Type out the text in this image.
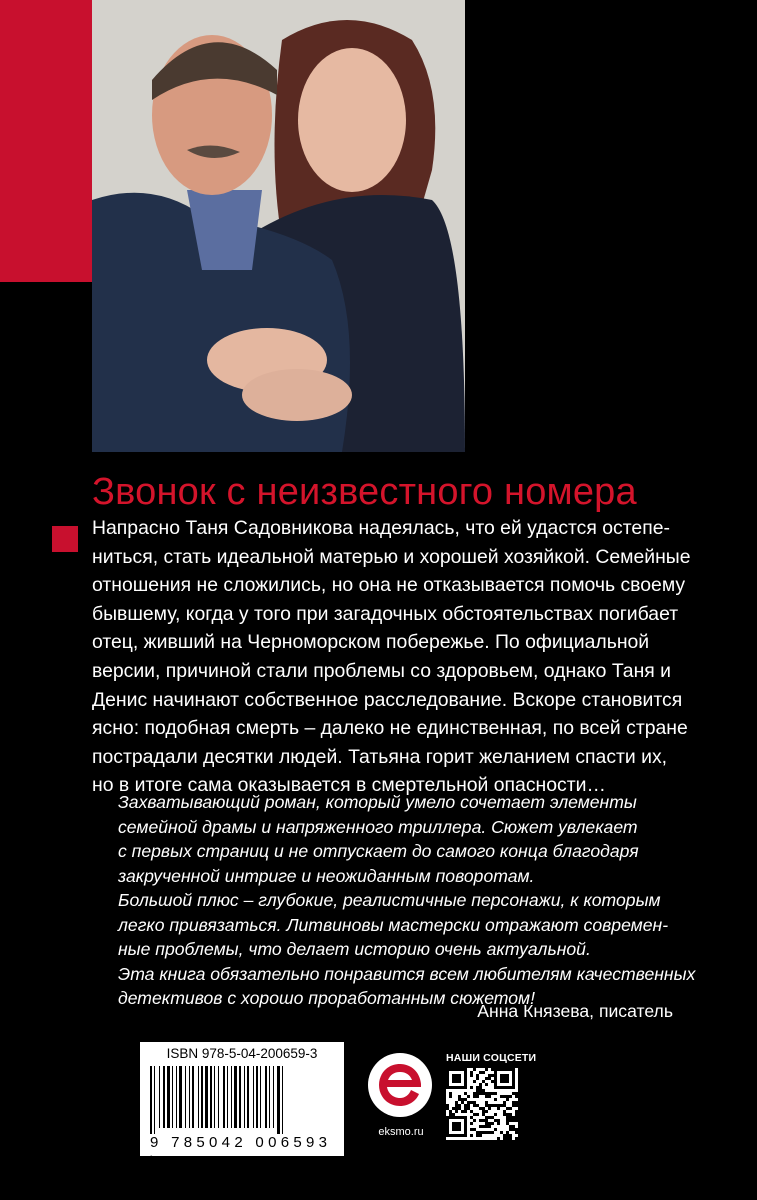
Звонок с неизвестного номера
Напрасно Таня Садовникова надеялась, что ей удастся остепе-
ниться, стать идеальной матерью и хорошей хозяйкой. Семейные
отношения не сложились, но она не отказывается помочь своему
бывшему, когда у того при загадочных обстоятельствах погибает
отец, живший на Черноморском побережье. По официальной
версии, причиной стали проблемы со здоровьем, однако Таня и
Денис начинают собственное расследование. Вскоре становится
ясно: подобная смерть – далеко не единственная, по всей стране
пострадали десятки людей. Татьяна горит желанием спасти их,
но в итоге сама оказывается в смертельной опасности…
Захватывающий роман, который умело сочетает элементы
семейной драмы и напряженного триллера. Сюжет увлекает
с первых страниц и не отпускает до самого конца благодаря
закрученной интриге и неожиданным поворотам.
Большой плюс – глубокие, реалистичные персонажи, к которым
легко привязаться. Литвиновы мастерски отражают современ-
ные проблемы, что делает историю очень актуальной.
Эта книга обязательно понравится всем любителям качественных
детективов с хорошо проработанным сюжетом!
Анна Князева, писатель
ISBN 978-5-04-200659-3
9 785042 006593 >
eksmo.ru
НАШИ СОЦСЕТИ
